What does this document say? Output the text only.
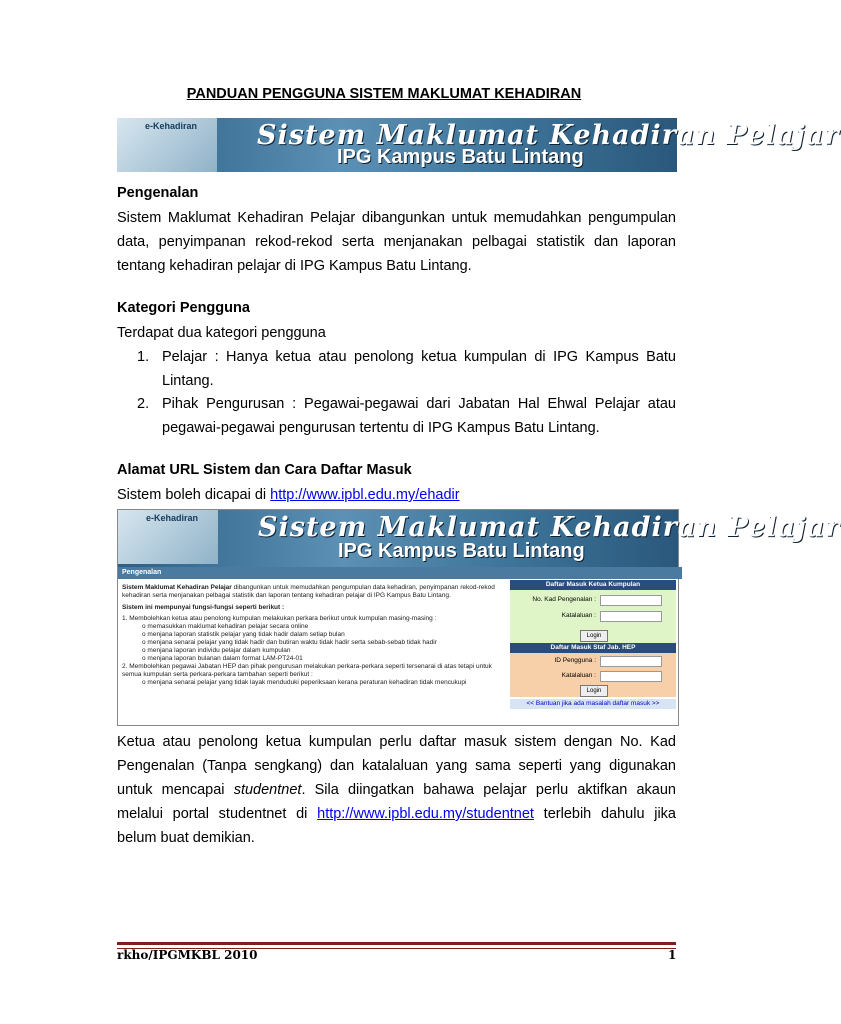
PANDUAN PENGGUNA SISTEM MAKLUMAT KEHADIRAN
e-Kehadiran Sistem Maklumat Kehadiran Pelajar
IPG Kampus Batu Lintang
Pengenalan
Sistem Maklumat Kehadiran Pelajar dibangunkan untuk memudahkan pengumpulan data, penyimpanan rekod-rekod serta menjanakan pelbagai statistik dan laporan tentang kehadiran pelajar di IPG Kampus Batu Lintang.
Kategori Pengguna
Terdapat dua kategori pengguna
1. Pelajar : Hanya ketua atau penolong ketua kumpulan di IPG Kampus Batu Lintang.
2. Pihak Pengurusan : Pegawai-pegawai dari Jabatan Hal Ehwal Pelajar atau pegawai-pegawai pengurusan tertentu di IPG Kampus Batu Lintang.
Alamat URL Sistem dan Cara Daftar Masuk
Sistem boleh dicapai di http://www.ipbl.edu.my/ehadir
e-Kehadiran Sistem Maklumat Kehadiran Pelajar
IPG Kampus Batu Lintang
Pengenalan
Sistem Maklumat Kehadiran Pelajar dibangunkan untuk memudahkan pengumpulan data kehadiran, penyimpanan rekod-rekod kehadiran serta menjanakan pelbagai statistik dan laporan tentang kehadiran pelajar di IPG Kampus Batu Lintang.
Sistem ini mempunyai fungsi-fungsi seperti berikut :
1. Membolehkan ketua atau penolong kumpulan melakukan perkara berikut untuk kumpulan masing-masing :
o memasukkan maklumat kehadiran pelajar secara online
o menjana laporan statistik pelajar yang tidak hadir dalam setiap bulan
o menjana senarai pelajar yang tidak hadir dan butiran waktu tidak hadir serta sebab-sebab tidak hadir
o menjana laporan individu pelajar dalam kumpulan
o menjana laporan bulanan dalam format LAM-PT24-01
2. Membolehkan pegawai Jabatan HEP dan pihak pengurusan melakukan perkara-perkara seperti tersenarai di atas tetapi untuk semua kumpulan serta perkara-perkara tambahan seperti berikut :
o menjana senarai pelajar yang tidak layak menduduki peperiksaan kerana peraturan kehadiran tidak mencukupi
Daftar Masuk Ketua Kumpulan
No. Kad Pengenalan :
Katalaluan :
Login
Daftar Masuk Staf Jab. HEP
ID Pengguna :
Katalaluan :
Login
<< Bantuan jika ada masalah daftar masuk >>
Ketua atau penolong ketua kumpulan perlu daftar masuk sistem dengan No. Kad Pengenalan (Tanpa sengkang) dan katalaluan yang sama seperti yang digunakan untuk mencapai studentnet. Sila diingatkan bahawa pelajar perlu aktifkan akaun melalui portal studentnet di http://www.ipbl.edu.my/studentnet terlebih dahulu jika belum buat demikian.
rkho/IPGMKBL 2010	1
